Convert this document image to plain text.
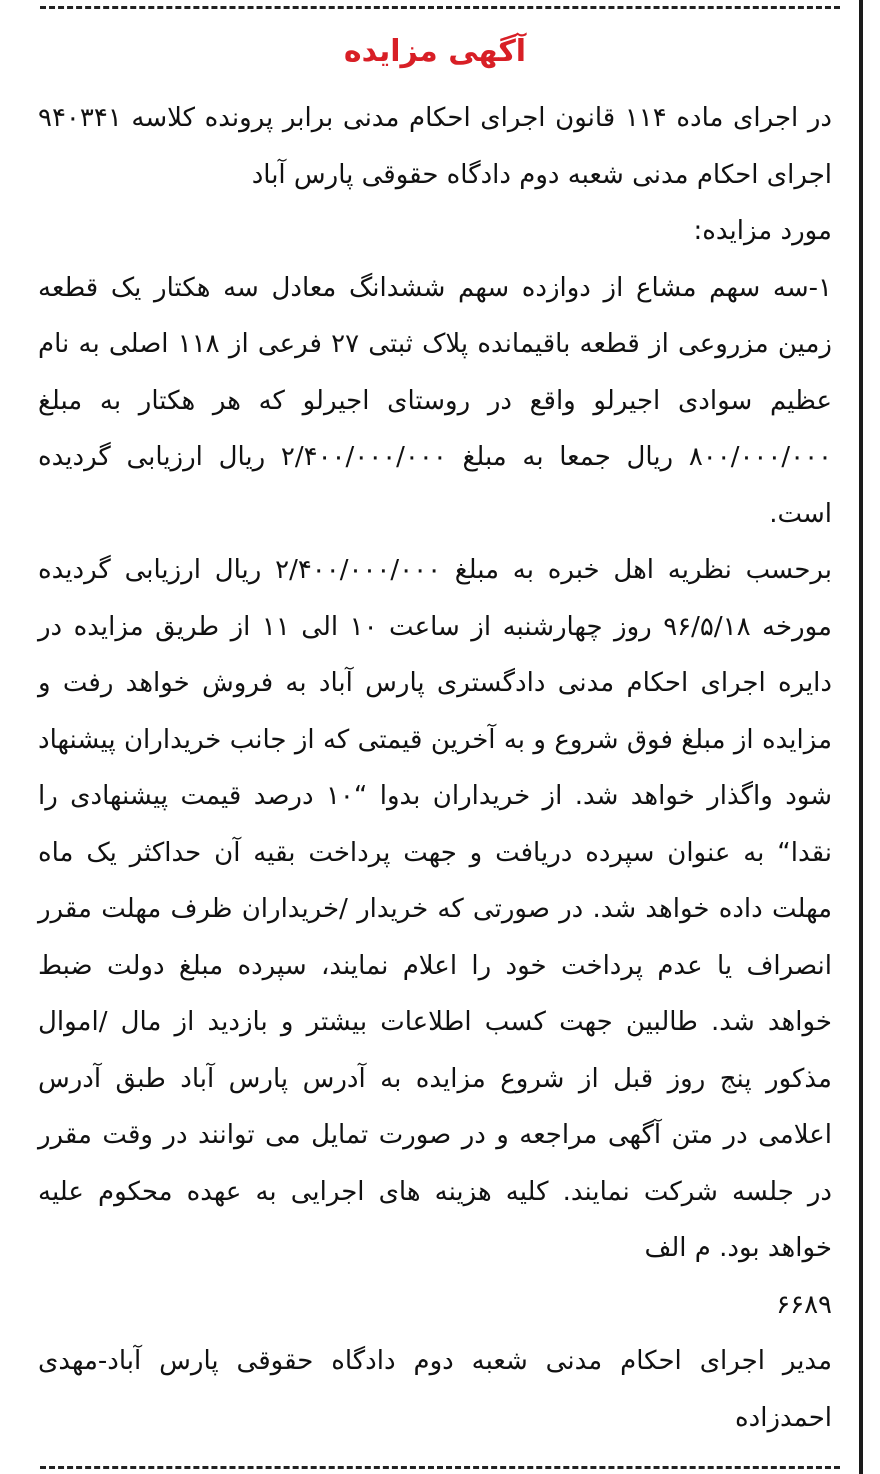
آگهی مزایده

در اجرای ماده ۱۱۴ قانون اجرای احکام مدنی برابر پرونده کلاسه ۹۴۰۳۴۱ اجرای احکام مدنی شعبه دوم دادگاه حقوقی پارس آباد

مورد مزایده:

۱-سه سهم مشاع از دوازده سهم ششدانگ معادل سه هکتار یک قطعه زمین مزروعی از قطعه باقیمانده پلاک ثبتی ۲۷ فرعی از ۱۱۸ اصلی به نام عظیم سوادی اجیرلو واقع در روستای اجیرلو که هر هکتار به مبلغ ۸۰۰/۰۰۰/۰۰۰ ریال جمعا به مبلغ ۲/۴۰۰/۰۰۰/۰۰۰ ریال ارزیابی گردیده است.

برحسب نظریه اهل خبره به مبلغ ۲/۴۰۰/۰۰۰/۰۰۰ ریال ارزیابی گردیده مورخه ۹۶/۵/۱۸ روز چهارشنبه از ساعت ۱۰ الی ۱۱ از طریق مزایده در دایره اجرای احکام مدنی دادگستری پارس آباد به فروش خواهد رفت و مزایده از مبلغ فوق شروع و به آخرین قیمتی که از جانب خریداران پیشنهاد شود واگذار خواهد شد. از خریداران بدوا “۱۰ درصد قیمت پیشنهادی را نقدا“ به عنوان سپرده دریافت و جهت پرداخت بقیه آن حداکثر یک ماه مهلت داده خواهد شد. در صورتی که خریدار /خریداران ظرف مهلت مقرر انصراف یا عدم پرداخت خود را اعلام نمایند، سپرده مبلغ دولت ضبط خواهد شد. طالبین جهت کسب اطلاعات بیشتر و بازدید از مال /اموال مذکور پنج روز قبل از شروع مزایده به آدرس پارس آباد طبق آدرس اعلامی در متن آگهی مراجعه و در صورت تمایل می توانند در وقت مقرر در جلسه شرکت نمایند. کلیه هزینه های اجرایی به عهده محکوم علیه خواهد بود. م الف

۶۶۸۹

مدیر اجرای احکام مدنی شعبه دوم دادگاه حقوقی پارس آباد-مهدی احمدزاده
